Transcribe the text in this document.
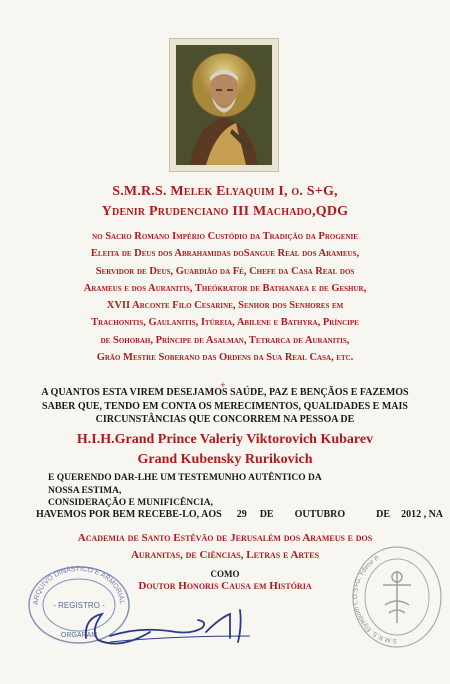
S.M.R.S. Melek Elyaquim I, o. S+G,
Ydenir Prudenciano III Machado,QDG
no Sacro Romano Império Custódio da Tradição da Progenie
Eleita de Deus dos Abrahamidas doSangue Real dos Arameus,
Servidor de Deus, Guardião da Fé, Chefe da Casa Real dos
Arameus e dos Auranitis, Theókrator de Bathanaea e de Geshur,
XVII Arconte Filo Cesarine, Senhor dos Senhores em
Trachonitis, Gaulanitis, Itúreia, Abilene e Bathyra, Príncipe
de Sohobah, Príncipe de Asalman, Tetrarca de Auranitis,
Grão Mestre Soberano das Ordens da Sua Real Casa, etc.
+
A QUANTOS ESTA VIREM DESEJAMOS SAÚDE, PAZ E BENÇÃOS E FAZEMOS
SABER QUE, TENDO EM CONTA OS MERECIMENTOS, QUALIDADES E MAIS
CIRCUNSTÂNCIAS QUE CONCORREM NA PESSOA DE
H.I.H.Grand Prince Valeriy Viktorovich Kubarev
Grand Kubensky Rurikovich
E QUERENDO DAR-LHE UM TESTEMUNHO AUTÊNTICO DA NOSSA ESTIMA,
CONSIDERAÇÃO E MUNIFICÊNCIA,
HAVEMOS POR BEM RECEBE-LO, AOS 29 DE OUTUBRO	DE 2012 , NA
Academia de Santo Estêvão de Jerusalém dos Arameus e dos
Auranitas, de Ciências, Letras e Artes
COMO
Doutor Honoris Causa em História
ARQUIVO DINÁSTICO E ARMORIAL
- REGISTRO -
ORGARAM
S.M.R.S. Elyaquim I, O.S+G, Ydenir P.
